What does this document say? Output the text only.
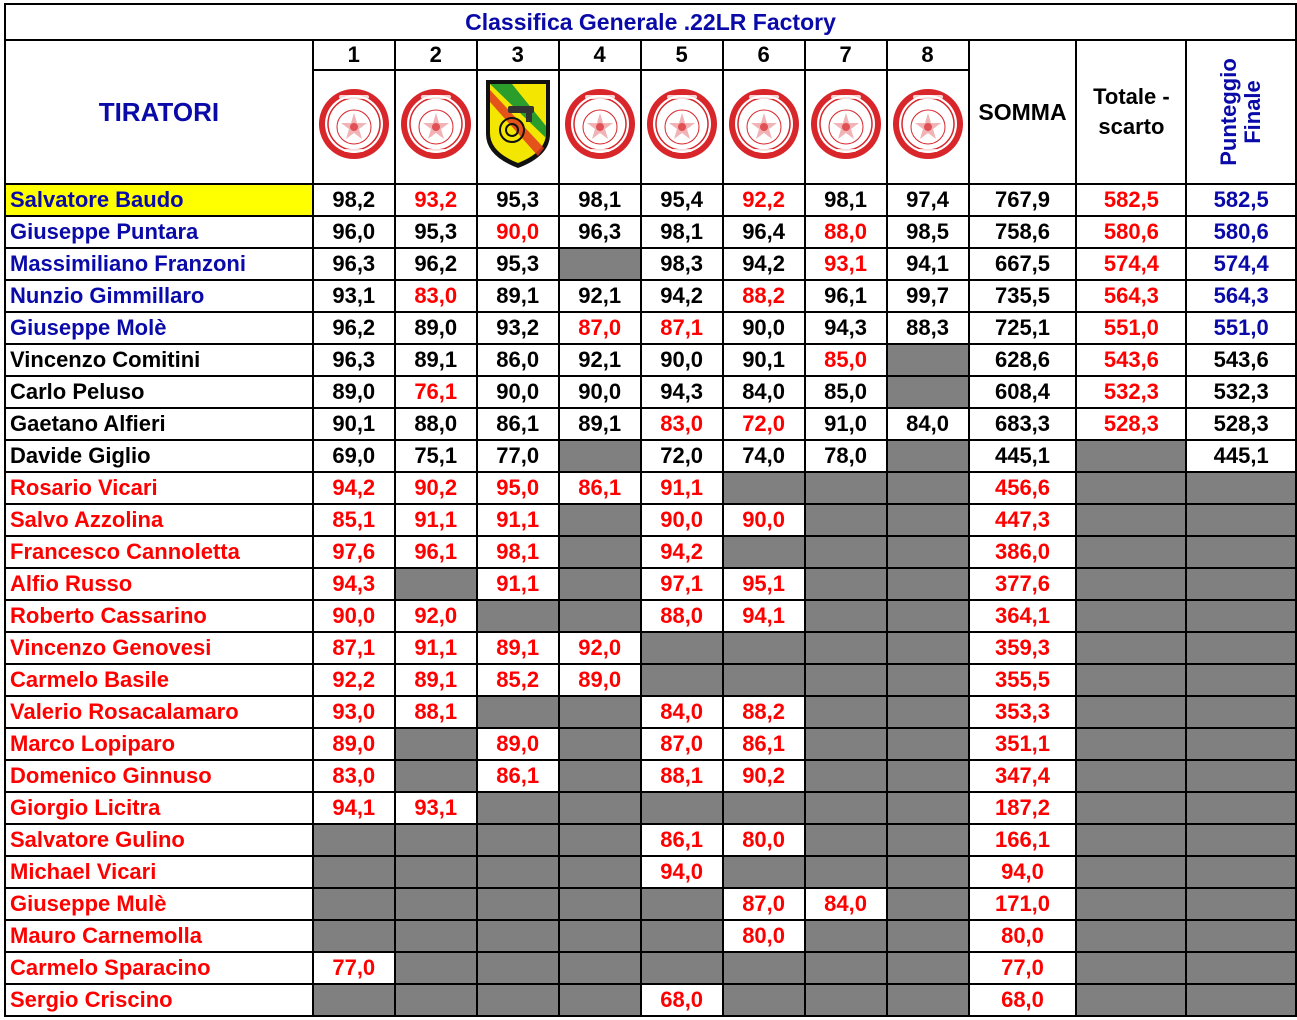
Classifica Generale .22LR Factory											
TIRATORI	1	2	3	4	5	6	7	8	SOMMA	Totale -
scarto	Punteggio
Finale

Salvatore Baudo	98,2	93,2	95,3	98,1	95,4	92,2	98,1	97,4	767,9	582,5	582,5
Giuseppe Puntara	96,0	95,3	90,0	96,3	98,1	96,4	88,0	98,5	758,6	580,6	580,6
Massimiliano Franzoni	96,3	96,2	95,3		98,3	94,2	93,1	94,1	667,5	574,4	574,4
Nunzio Gimmillaro	93,1	83,0	89,1	92,1	94,2	88,2	96,1	99,7	735,5	564,3	564,3
Giuseppe Molè	96,2	89,0	93,2	87,0	87,1	90,0	94,3	88,3	725,1	551,0	551,0
Vincenzo Comitini	96,3	89,1	86,0	92,1	90,0	90,1	85,0		628,6	543,6	543,6
Carlo Peluso	89,0	76,1	90,0	90,0	94,3	84,0	85,0		608,4	532,3	532,3
Gaetano Alfieri	90,1	88,0	86,1	89,1	83,0	72,0	91,0	84,0	683,3	528,3	528,3
Davide Giglio	69,0	75,1	77,0		72,0	74,0	78,0		445,1		445,1
Rosario Vicari	94,2	90,2	95,0	86,1	91,1				456,6		
Salvo Azzolina	85,1	91,1	91,1		90,0	90,0			447,3		
Francesco Cannoletta	97,6	96,1	98,1		94,2				386,0		
Alfio Russo	94,3		91,1		97,1	95,1			377,6		
Roberto Cassarino	90,0	92,0			88,0	94,1			364,1		
Vincenzo Genovesi	87,1	91,1	89,1	92,0					359,3		
Carmelo Basile	92,2	89,1	85,2	89,0					355,5		
Valerio Rosacalamaro	93,0	88,1			84,0	88,2			353,3		
Marco Lopiparo	89,0		89,0		87,0	86,1			351,1		
Domenico Ginnuso	83,0		86,1		88,1	90,2			347,4		
Giorgio Licitra	94,1	93,1							187,2		
Salvatore Gulino					86,1	80,0			166,1		
Michael Vicari					94,0				94,0		
Giuseppe Mulè						87,0	84,0		171,0		
Mauro Carnemolla						80,0			80,0		
Carmelo Sparacino	77,0								77,0		
Sergio Criscino					68,0				68,0		
